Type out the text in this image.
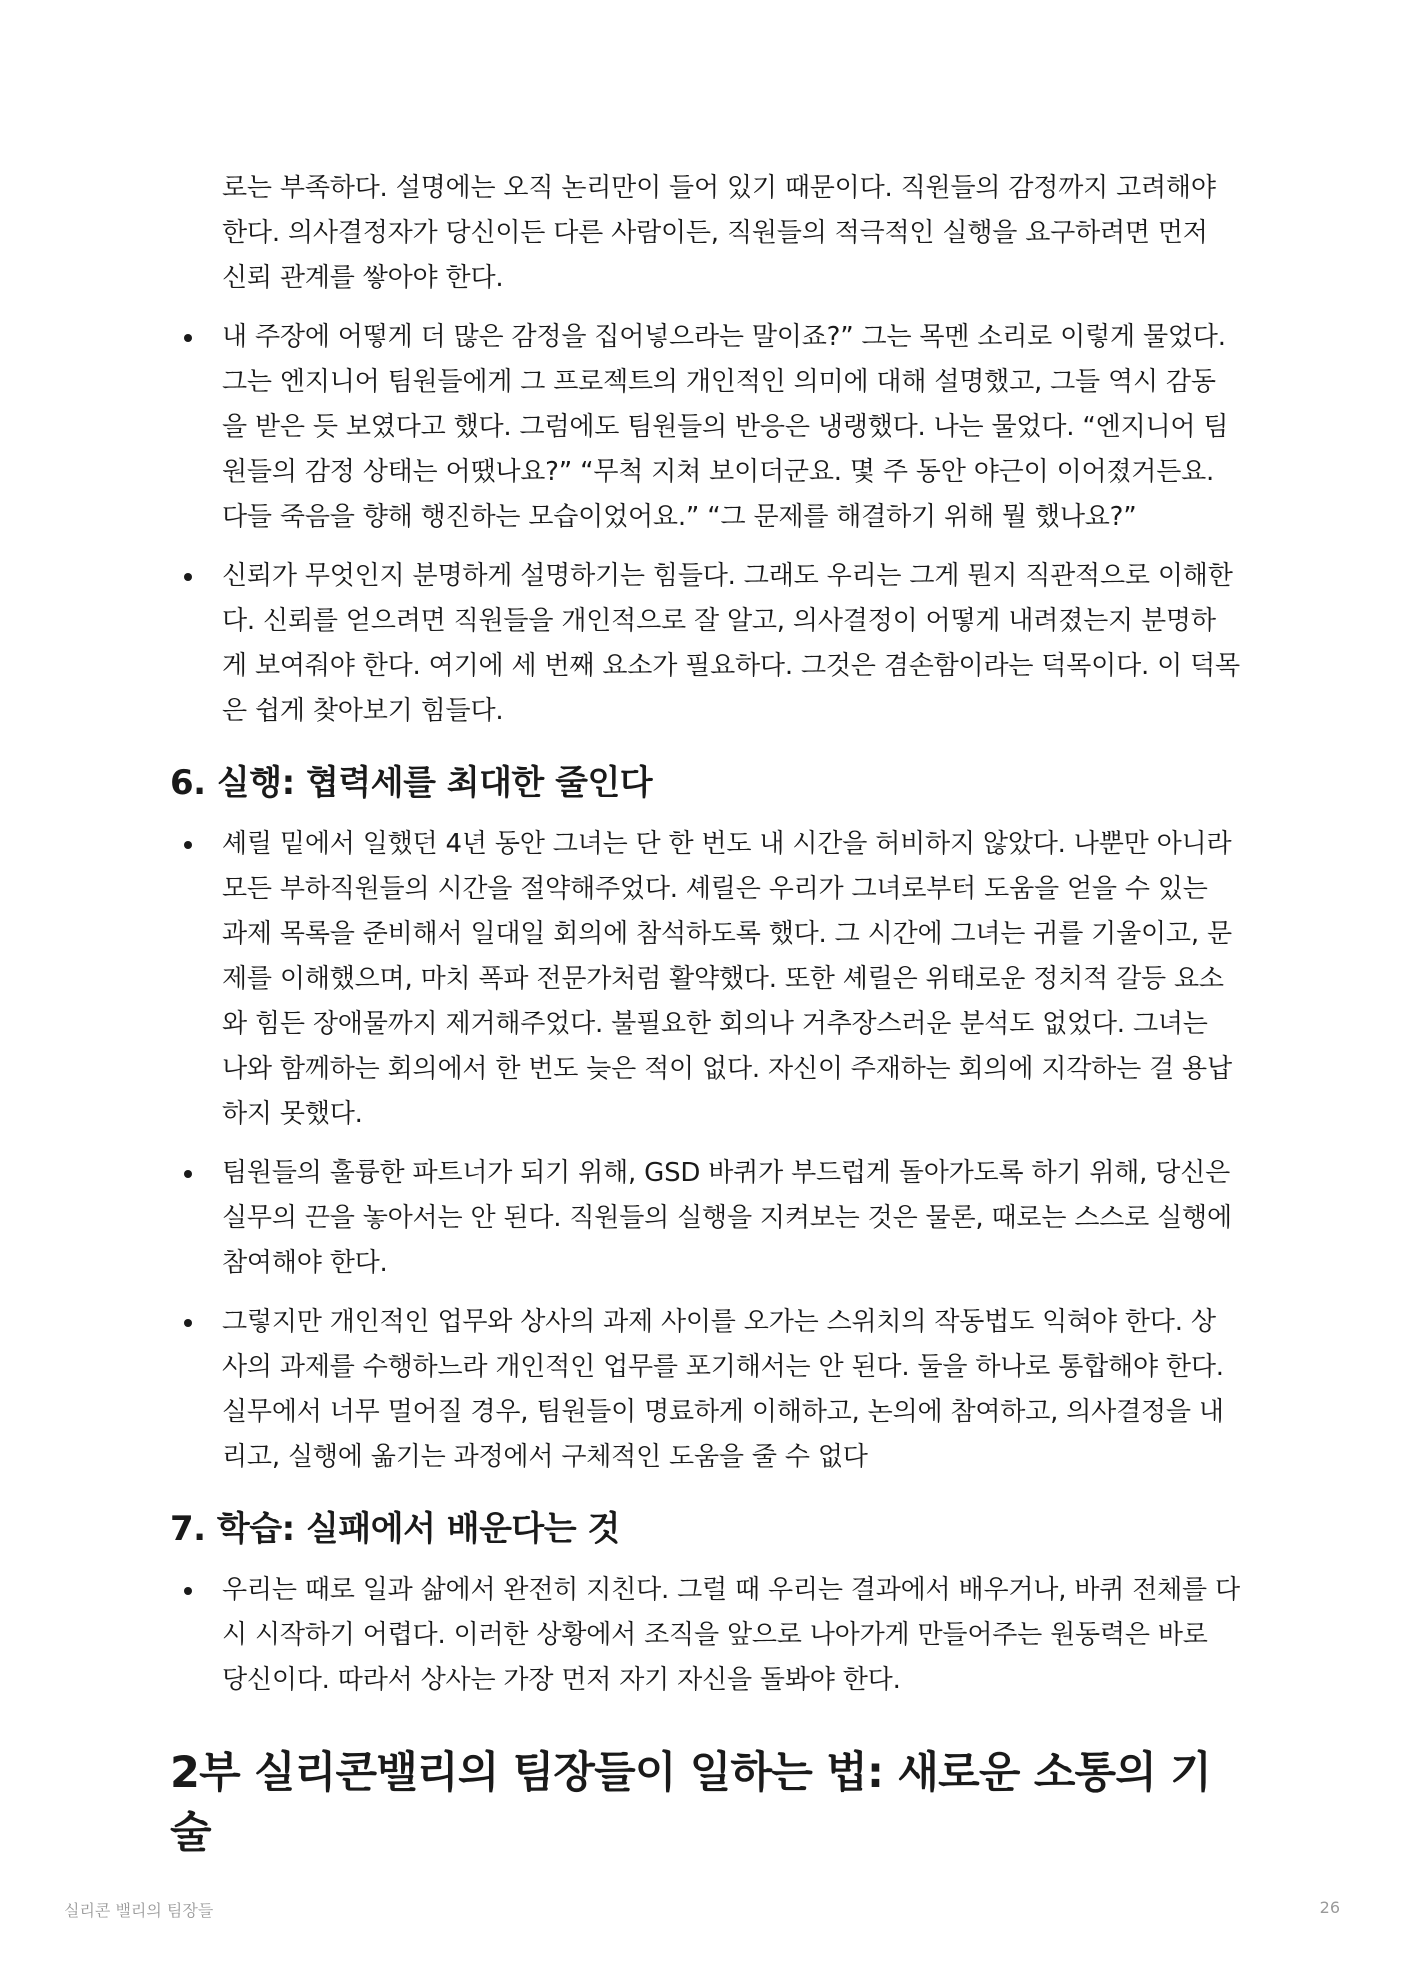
로는 부족하다. 설명에는 오직 논리만이 들어 있기 때문이다. 직원들의 감정까지 고려해야 한다. 의사결정자가 당신이든 다른 사람이든, 직원들의 적극적인 실행을 요구하려면 먼저 신뢰 관계를 쌓아야 한다.

내 주장에 어떻게 더 많은 감정을 집어넣으라는 말이죠?” 그는 목멘 소리로 이렇게 물었다. 그는 엔지니어 팀원들에게 그 프로젝트의 개인적인 의미에 대해 설명했고, 그들 역시 감동을 받은 듯 보였다고 했다. 그럼에도 팀원들의 반응은 냉랭했다. 나는 물었다. “엔지니어 팀원들의 감정 상태는 어땠나요?” “무척 지쳐 보이더군요. 몇 주 동안 야근이 이어졌거든요. 다들 죽음을 향해 행진하는 모습이었어요.” “그 문제를 해결하기 위해 뭘 했나요?”
신뢰가 무엇인지 분명하게 설명하기는 힘들다. 그래도 우리는 그게 뭔지 직관적으로 이해한다. 신뢰를 얻으려면 직원들을 개인적으로 잘 알고, 의사결정이 어떻게 내려졌는지 분명하게 보여줘야 한다. 여기에 세 번째 요소가 필요하다. 그것은 겸손함이라는 덕목이다. 이 덕목은 쉽게 찾아보기 힘들다.
6. 실행: 협력세를 최대한 줄인다
셰릴 밑에서 일했던 4년 동안 그녀는 단 한 번도 내 시간을 허비하지 않았다. 나뿐만 아니라 모든 부하직원들의 시간을 절약해주었다. 셰릴은 우리가 그녀로부터 도움을 얻을 수 있는 과제 목록을 준비해서 일대일 회의에 참석하도록 했다. 그 시간에 그녀는 귀를 기울이고, 문제를 이해했으며, 마치 폭파 전문가처럼 활약했다. 또한 셰릴은 위태로운 정치적 갈등 요소와 힘든 장애물까지 제거해주었다. 불필요한 회의나 거추장스러운 분석도 없었다. 그녀는 나와 함께하는 회의에서 한 번도 늦은 적이 없다. 자신이 주재하는 회의에 지각하는 걸 용납하지 못했다.
팀원들의 훌륭한 파트너가 되기 위해, GSD 바퀴가 부드럽게 돌아가도록 하기 위해, 당신은 실무의 끈을 놓아서는 안 된다. 직원들의 실행을 지켜보는 것은 물론, 때로는 스스로 실행에 참여해야 한다.
그렇지만 개인적인 업무와 상사의 과제 사이를 오가는 스위치의 작동법도 익혀야 한다. 상사의 과제를 수행하느라 개인적인 업무를 포기해서는 안 된다. 둘을 하나로 통합해야 한다. 실무에서 너무 멀어질 경우, 팀원들이 명료하게 이해하고, 논의에 참여하고, 의사결정을 내리고, 실행에 옮기는 과정에서 구체적인 도움을 줄 수 없다
7. 학습: 실패에서 배운다는 것
우리는 때로 일과 삶에서 완전히 지친다. 그럴 때 우리는 결과에서 배우거나, 바퀴 전체를 다시 시작하기 어렵다. 이러한 상황에서 조직을 앞으로 나아가게 만들어주는 원동력은 바로 당신이다. 따라서 상사는 가장 먼저 자기 자신을 돌봐야 한다.
2부 실리콘밸리의 팀장들이 일하는 법: 새로운 소통의 기술
실리콘 밸리의 팀장들	26
